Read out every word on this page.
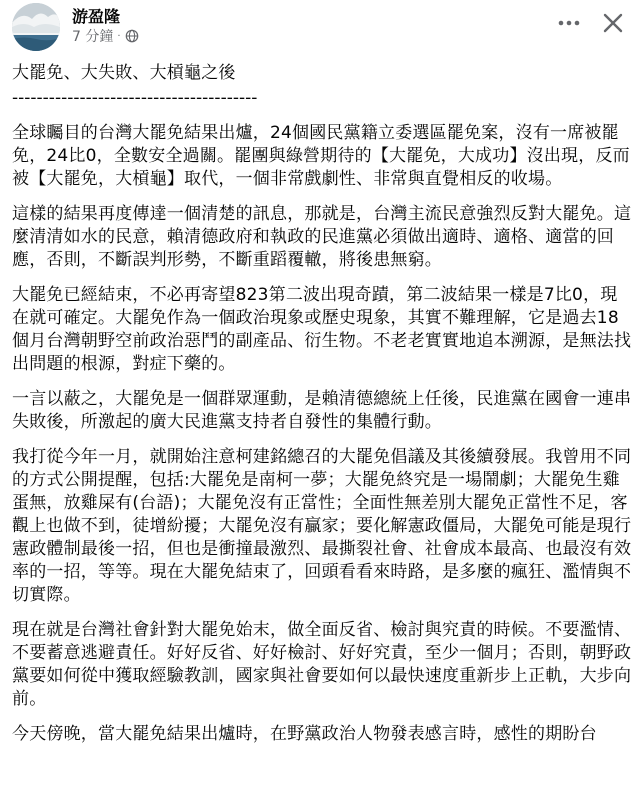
游盈隆
7 分鐘 ·

大罷免、大失敗、大槓龜之後

----------------------------------------

全球矚目的台灣大罷免結果出爐，24個國民黨籍立委選區罷免案，沒有一席被罷免，24比0，全數安全過關。罷團與綠營期待的【大罷免，大成功】沒出現，反而被【大罷免，大槓龜】取代，一個非常戲劇性、非常與直覺相反的收場。

這樣的結果再度傳達一個清楚的訊息，那就是，台灣主流民意強烈反對大罷免。這麼清清如水的民意，賴清德政府和執政的民進黨必須做出適時、適格、適當的回應，否則，不斷誤判形勢，不斷重蹈覆轍，將後患無窮。

大罷免已經結束，不必再寄望823第二波出現奇蹟，第二波結果一樣是7比0，現在就可確定。大罷免作為一個政治現象或歷史現象，其實不難理解，它是過去18個月台灣朝野空前政治惡鬥的副產品、衍生物。不老老實實地追本溯源，是無法找出問題的根源，對症下藥的。

一言以蔽之，大罷免是一個群眾運動，是賴清德總統上任後，民進黨在國會一連串失敗後，所激起的廣大民進黨支持者自發性的集體行動。

我打從今年一月，就開始注意柯建銘總召的大罷免倡議及其後續發展。我曾用不同的方式公開提醒，包括:大罷免是南柯一夢；大罷免終究是一場鬧劇；大罷免生雞蛋無，放雞屎有(台語)；大罷免沒有正當性；全面性無差別大罷免正當性不足，客觀上也做不到，徒增紛擾；大罷免沒有贏家；要化解憲政僵局，大罷免可能是現行憲政體制最後一招，但也是衝撞最激烈、最撕裂社會、社會成本最高、也最沒有效率的一招，等等。現在大罷免結束了，回頭看看來時路，是多麼的瘋狂、濫情與不切實際。

現在就是台灣社會針對大罷免始末，做全面反省、檢討與究責的時候。不要濫情、不要蓄意逃避責任。好好反省、好好檢討、好好究責，至少一個月；否則，朝野政黨要如何從中獲取經驗教訓，國家與社會要如何以最快速度重新步上正軌，大步向前。

今天傍晚，當大罷免結果出爐時，在野黨政治人物發表感言時，感性的期盼台
